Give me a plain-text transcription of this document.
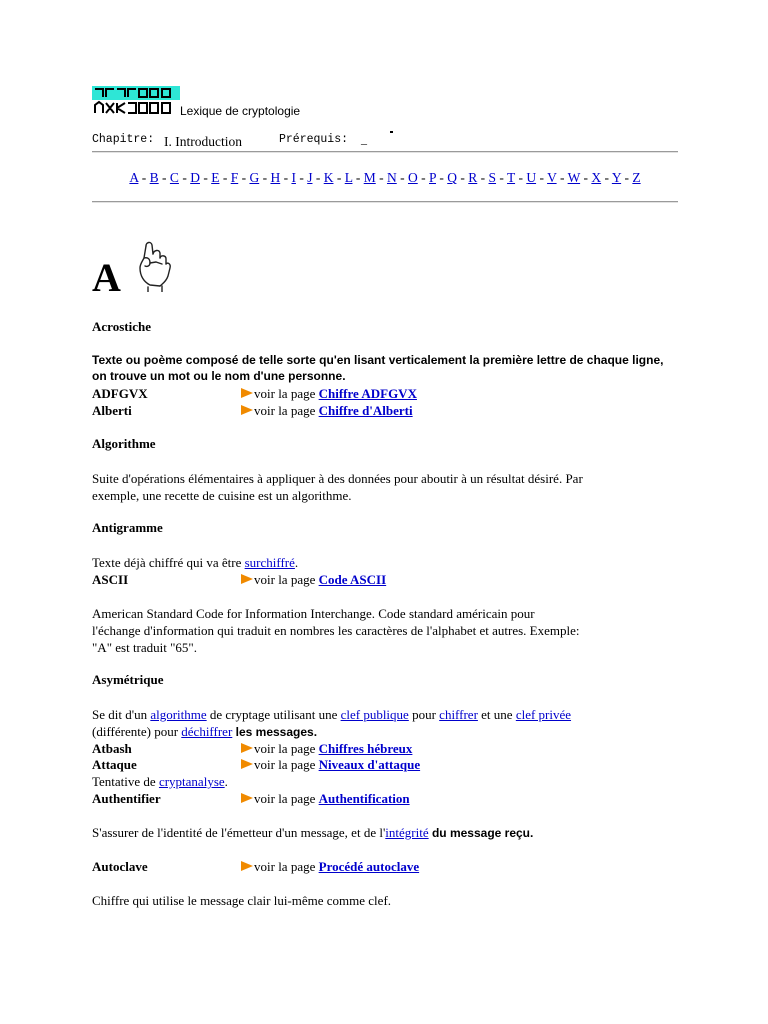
Lexique de cryptologie
Chapitre: I. Introduction	Prérequis: _
A - B - C - D - E - F - G - H - I - J - K - L - M - N - O - P - Q - R - S - T - U - V - W - X - Y - Z
A
Acrostiche
Texte ou poème composé de telle sorte qu'en lisant verticalement la première lettre de chaque ligne,
on trouve un mot ou le nom d'une personne.
ADFGVX	voir la page Chiffre ADFGVX
Alberti	voir la page Chiffre d'Alberti
Algorithme
Suite d'opérations élémentaires à appliquer à des données pour aboutir à un résultat désiré. Par
exemple, une recette de cuisine est un algorithme.
Antigramme
Texte déjà chiffré qui va être surchiffré.
ASCII	voir la page Code ASCII
American Standard Code for Information Interchange. Code standard américain pour
l'échange d'information qui traduit en nombres les caractères de l'alphabet et autres. Exemple:
"A" est traduit "65".
Asymétrique
Se dit d'un algorithme de cryptage utilisant une clef publique pour chiffrer et une clef privée
(différente) pour déchiffrer les messages.
Atbash	voir la page Chiffres hébreux
Attaque	voir la page Niveaux d'attaque
Tentative de cryptanalyse.
Authentifier	voir la page Authentification
S'assurer de l'identité de l'émetteur d'un message, et de l'intégrité du message reçu.
Autoclave	voir la page Procédé autoclave
Chiffre qui utilise le message clair lui-même comme clef.
